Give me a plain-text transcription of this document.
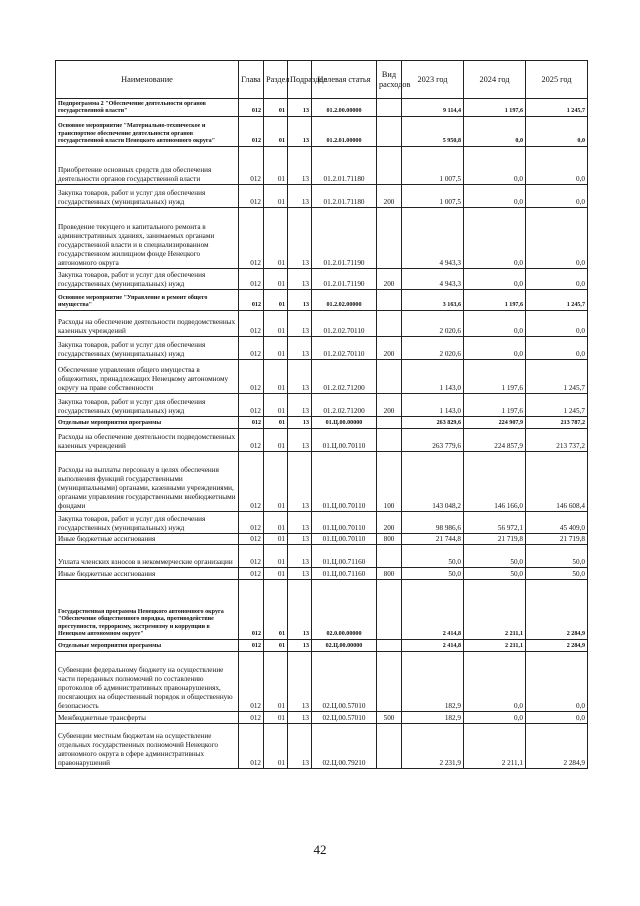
Наименование	Глава	Раздел	Подраздел	Целевая статья	Вид расходов	2023 год	2024 год	2025 год
Подпрограмма 2 "Обеспечение деятельности органов государственной власти"	012	01	13	01.2.00.00000		9 114,4	1 197,6	1 245,7
Основное мероприятие "Материально-техническое и транспортное обеспечение деятельности органов государственной власти Ненецкого автономного округа"	012	01	13	01.2.01.00000		5 950,8	0,0	0,0
Приобретение основных средств для обеспечения деятельности органов государственной власти	012	01	13	01.2.01.71180		1 007,5	0,0	0,0
Закупка товаров, работ и услуг для обеспечения государственных (муниципальных) нужд	012	01	13	01.2.01.71180	200	1 007,5	0,0	0,0
Проведение текущего и капитального ремонта в административных зданиях, занимаемых органами государственной власти и в специализированном государственном жилищном фонде Ненецкого автономного округа	012	01	13	01.2.01.71190		4 943,3	0,0	0,0
Закупка товаров, работ и услуг для обеспечения государственных (муниципальных) нужд	012	01	13	01.2.01.71190	200	4 943,3	0,0	0,0
Основное мероприятие "Управление и ремонт общего имущества"	012	01	13	01.2.02.00000		3 163,6	1 197,6	1 245,7
Расходы на обеспечение деятельности подведомственных казенных учреждений	012	01	13	01.2.02.70110		2 020,6	0,0	0,0
Закупка товаров, работ и услуг для обеспечения государственных (муниципальных) нужд	012	01	13	01.2.02.70110	200	2 020,6	0,0	0,0
Обеспечение управления общего имущества в общежитиях, принадлежащих Ненецкому автономному округу на праве собственности	012	01	13	01.2.02.71200		1 143,0	1 197,6	1 245,7
Закупка товаров, работ и услуг для обеспечения государственных (муниципальных) нужд	012	01	13	01.2.02.71200	200	1 143,0	1 197,6	1 245,7
Отдельные мероприятия программы	012	01	13	01.Ц.00.00000		263 829,6	224 907,9	213 787,2
Расходы на обеспечение деятельности подведомственных казенных учреждений	012	01	13	01.Ц.00.70110		263 779,6	224 857,9	213 737,2
Расходы на выплаты персоналу в целях обеспечения выполнения функций государственными (муниципальными) органами, казенными учреждениями, органами управления государственными внебюджетными фондами	012	01	13	01.Ц.00.70110	100	143 048,2	146 166,0	146 608,4
Закупка товаров, работ и услуг для обеспечения государственных (муниципальных) нужд	012	01	13	01.Ц.00.70110	200	98 986,6	56 972,1	45 409,0
Иные бюджетные ассигнования	012	01	13	01.Ц.00.70110	800	21 744,8	21 719,8	21 719,8
Уплата членских взносов в некоммерческие организации	012	01	13	01.Ц.00.71160		50,0	50,0	50,0
Иные бюджетные ассигнования	012	01	13	01.Ц.00.71160	800	50,0	50,0	50,0
Государственная программа Ненецкого автономного округа "Обеспечение общественного порядка, противодействие преступности, терроризму, экстремизму и коррупции в Ненецком автономном округе"	012	01	13	02.0.00.00000		2 414,8	2 211,1	2 284,9
Отдельные мероприятия программы	012	01	13	02.Ц.00.00000		2 414,8	2 211,1	2 284,9
Субвенции федеральному бюджету на осуществление части переданных полномочий по составлению протоколов об административных правонарушениях, посягающих на общественный порядок и общественную безопасность	012	01	13	02.Ц.00.57010		182,9	0,0	0,0
Межбюджетные трансферты	012	01	13	02.Ц.00.57010	500	182,9	0,0	0,0
Субвенции местным бюджетам на осуществление отдельных государственных полномочий Ненецкого автономного округа в сфере административных правонарушений	012	01	13	02.Ц.00.79210		2 231,9	2 211,1	2 284,9
42
